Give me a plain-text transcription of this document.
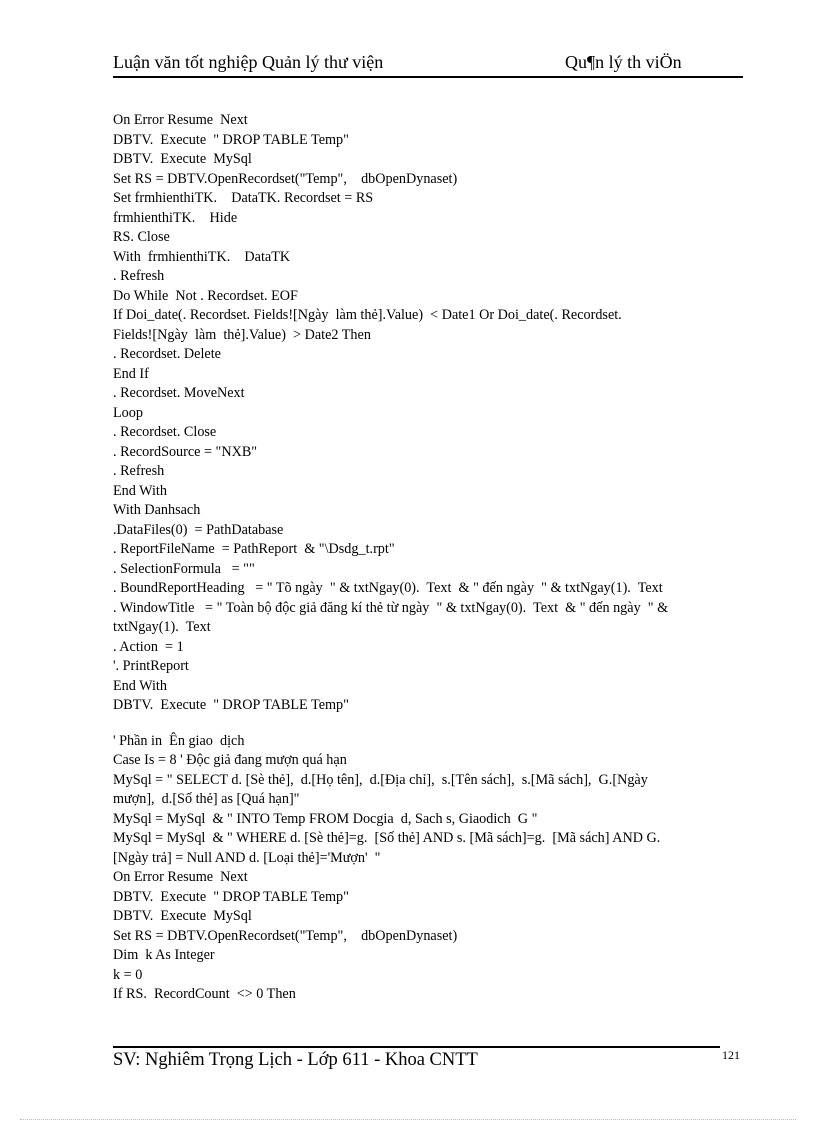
Luận văn tốt nghiệp Quản lý thư viện	Qu¶n lý th viÖn
On Error Resume  Next
DBTV.  Execute  " DROP TABLE Temp"
DBTV.  Execute  MySql
Set RS = DBTV.OpenRecordset("Temp",    dbOpenDynaset)
Set frmhienthiTK.    DataTK. Recordset = RS
frmhienthiTK.    Hide
RS. Close
With  frmhienthiTK.    DataTK
. Refresh
Do While  Not . Recordset. EOF
If Doi_date(. Recordset. Fields![Ngày  làm thẻ].Value)  < Date1 Or Doi_date(. Recordset.
Fields![Ngày  làm  thẻ].Value)  > Date2 Then
. Recordset. Delete
End If
. Recordset. MoveNext
Loop
. Recordset. Close
. RecordSource = "NXB"
. Refresh
End With
With Danhsach
.DataFiles(0)  = PathDatabase
. ReportFileName  = PathReport  & "\Dsdg_t.rpt"
. SelectionFormula   = ""
. BoundReportHeading   = " Tõ ngày  " & txtNgay(0).  Text  & " đến ngày  " & txtNgay(1).  Text
. WindowTitle   = " Toàn bộ độc giả đăng kí thẻ từ ngày  " & txtNgay(0).  Text  & " đến ngày  " &
txtNgay(1).  Text
. Action  = 1
'. PrintReport
End With
DBTV.  Execute  " DROP TABLE Temp"
' Phần in  Ên giao  dịch
Case Is = 8 ' Độc giả đang mượn quá hạn
MySql = " SELECT d. [Sè thẻ],  d.[Họ tên],  d.[Địa chỉ],  s.[Tên sách],  s.[Mã sách],  G.[Ngày
mượn],  d.[Số thẻ] as [Quá hạn]"
MySql = MySql  & " INTO Temp FROM Docgia  d, Sach s, Giaodich  G "
MySql = MySql  & " WHERE d. [Sè thẻ]=g.  [Số thẻ] AND s. [Mã sách]=g.  [Mã sách] AND G.
[Ngày trả] = Null AND d. [Loại thẻ]='Mượn'  "
On Error Resume  Next
DBTV.  Execute  " DROP TABLE Temp"
DBTV.  Execute  MySql
Set RS = DBTV.OpenRecordset("Temp",    dbOpenDynaset)
Dim  k As Integer
k = 0
If RS.  RecordCount  <> 0 Then
SV: Nghiêm Trọng Lịch - Lớp 611 - Khoa CNTT	121
